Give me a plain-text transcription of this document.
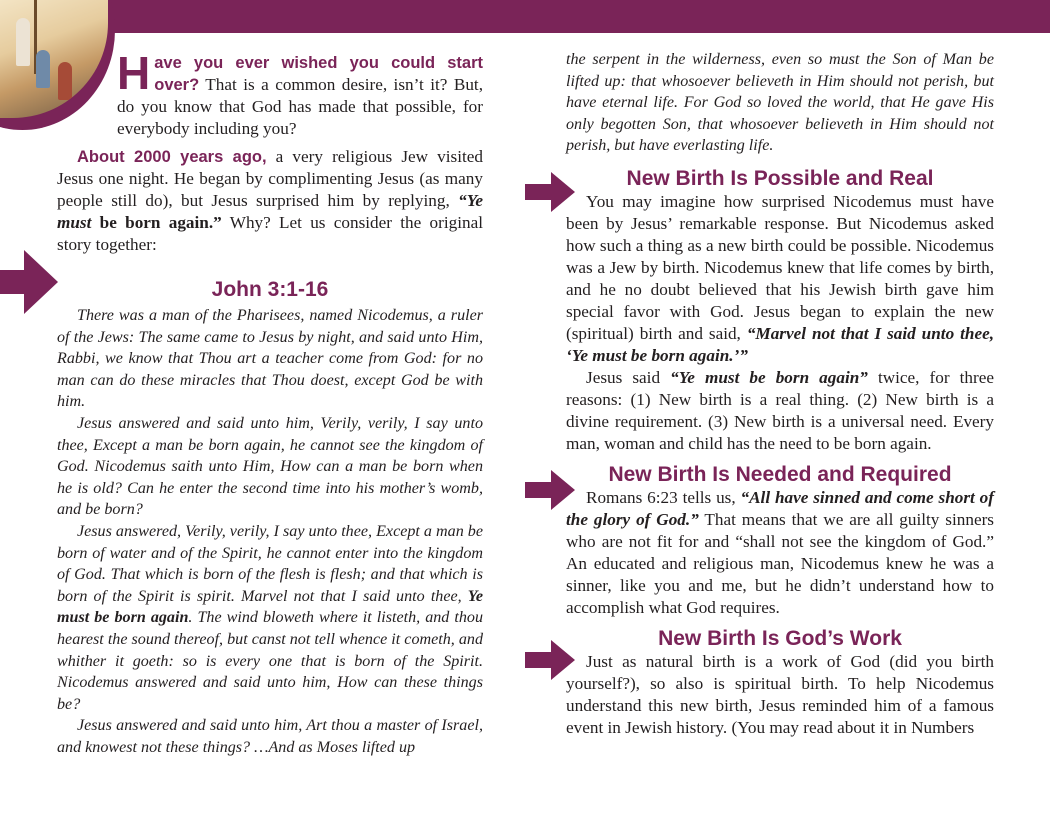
Have you ever wished you could start over? That is a common desire, isn’t it? But, do you know that God has made that possible, for everybody including you?

About 2000 years ago, a very religious Jew visited Jesus one night. He began by complimenting Jesus (as many people still do), but Jesus surprised him by replying, “Ye must be born again.” Why? Let us consider the original story together:

John 3:1-16

There was a man of the Pharisees, named Nicodemus, a ruler of the Jews: The same came to Jesus by night, and said unto Him, Rabbi, we know that Thou art a teacher come from God: for no man can do these miracles that Thou doest, except God be with him.

Jesus answered and said unto him, Verily, verily, I say unto thee, Except a man be born again, he cannot see the kingdom of God. Nicodemus saith unto Him, How can a man be born when he is old? Can he enter the second time into his mother’s womb, and be born?

Jesus answered, Verily, verily, I say unto thee, Except a man be born of water and of the Spirit, he cannot enter into the kingdom of God. That which is born of the flesh is flesh; and that which is born of the Spirit is spirit. Marvel not that I said unto thee, Ye must be born again. The wind bloweth where it listeth, and thou hearest the sound thereof, but canst not tell whence it cometh, and whither it goeth: so is every one that is born of the Spirit. Nicodemus answered and said unto him, How can these things be?

Jesus answered and said unto him, Art thou a master of Israel, and knowest not these things? …And as Moses lifted up

the serpent in the wilderness, even so must the Son of Man be lifted up: that whosoever believeth in Him should not perish, but have eternal life. For God so loved the world, that He gave His only begotten Son, that whosoever believeth in Him should not perish, but have everlasting life.

New Birth Is Possible and Real

You may imagine how surprised Nicodemus must have been by Jesus’ remarkable response. But Nicodemus asked how such a thing as a new birth could be possible. Nicodemus was a Jew by birth. Nicodemus knew that life comes by birth, and he no doubt believed that his Jewish birth gave him special favor with God. Jesus began to explain the new (spiritual) birth and said, “Marvel not that I said unto thee, ‘Ye must be born again.’”

Jesus said “Ye must be born again” twice, for three reasons: (1) New birth is a real thing. (2) New birth is a divine requirement. (3) New birth is a universal need. Every man, woman and child has the need to be born again.

New Birth Is Needed and Required

Romans 6:23 tells us, “All have sinned and come short of the glory of God.” That means that we are all guilty sinners who are not fit for and “shall not see the kingdom of God.” An educated and religious man, Nicodemus knew he was a sinner, like you and me, but he didn’t understand how to accomplish what God requires.

New Birth Is God’s Work

Just as natural birth is a work of God (did you birth yourself?), so also is spiritual birth. To help Nicodemus understand this new birth, Jesus reminded him of a famous event in Jewish history. (You may read about it in Numbers
